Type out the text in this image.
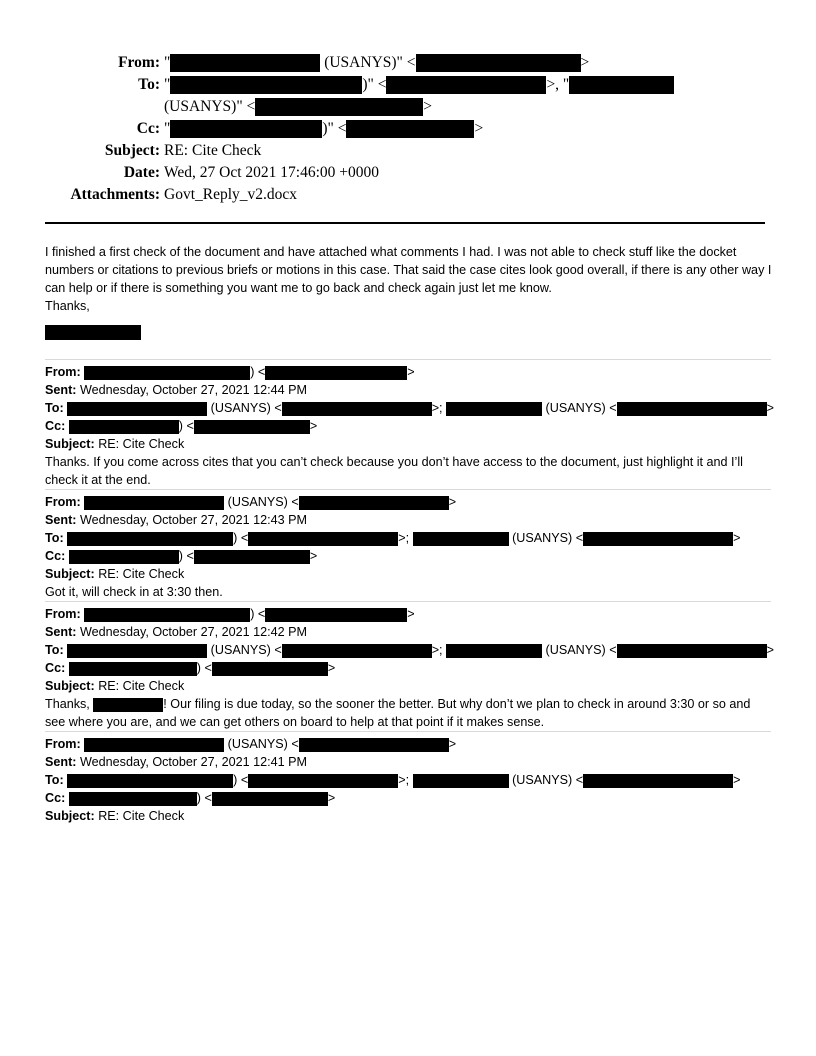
From: "	(USANYS)" <	>
To: "	)" <	>, "
(USANYS)" <	>
Cc: "	)" <	>
Subject: RE: Cite Check
Date: Wed, 27 Oct 2021 17:46:00 +0000
Attachments: Govt_Reply_v2.docx

I finished a first check of the document and have attached what comments I had. I was not able to check stuff like the docket numbers or citations to previous briefs or motions in this case. That said the case cites look good overall, if there is any other way I can help or if there is something you want me to go back and check again just let me know.

Thanks,

From:	) <	>
Sent: Wednesday, October 27, 2021 12:44 PM
To:	(USANYS) <	>;	(USANYS) <	>
Cc:	) <	>
Subject: RE: Cite Check

Thanks. If you come across cites that you can’t check because you don’t have access to the document, just highlight it and I’ll check it at the end.

From:	(USANYS) <	>
Sent: Wednesday, October 27, 2021 12:43 PM
To:	) <	>;	(USANYS) <	>
Cc:	) <	>
Subject: RE: Cite Check

Got it, will check in at 3:30 then.

From:	) <	>
Sent: Wednesday, October 27, 2021 12:42 PM
To:	(USANYS) <	>;	(USANYS) <	>
Cc:	) <	>
Subject: RE: Cite Check

Thanks,	! Our filing is due today, so the sooner the better. But why don’t we plan to check in around 3:30 or so and see where you are, and we can get others on board to help at that point if it makes sense.

From:	(USANYS) <	>
Sent: Wednesday, October 27, 2021 12:41 PM
To:	) <	>;	(USANYS) <	>
Cc:	) <	>
Subject: RE: Cite Check
